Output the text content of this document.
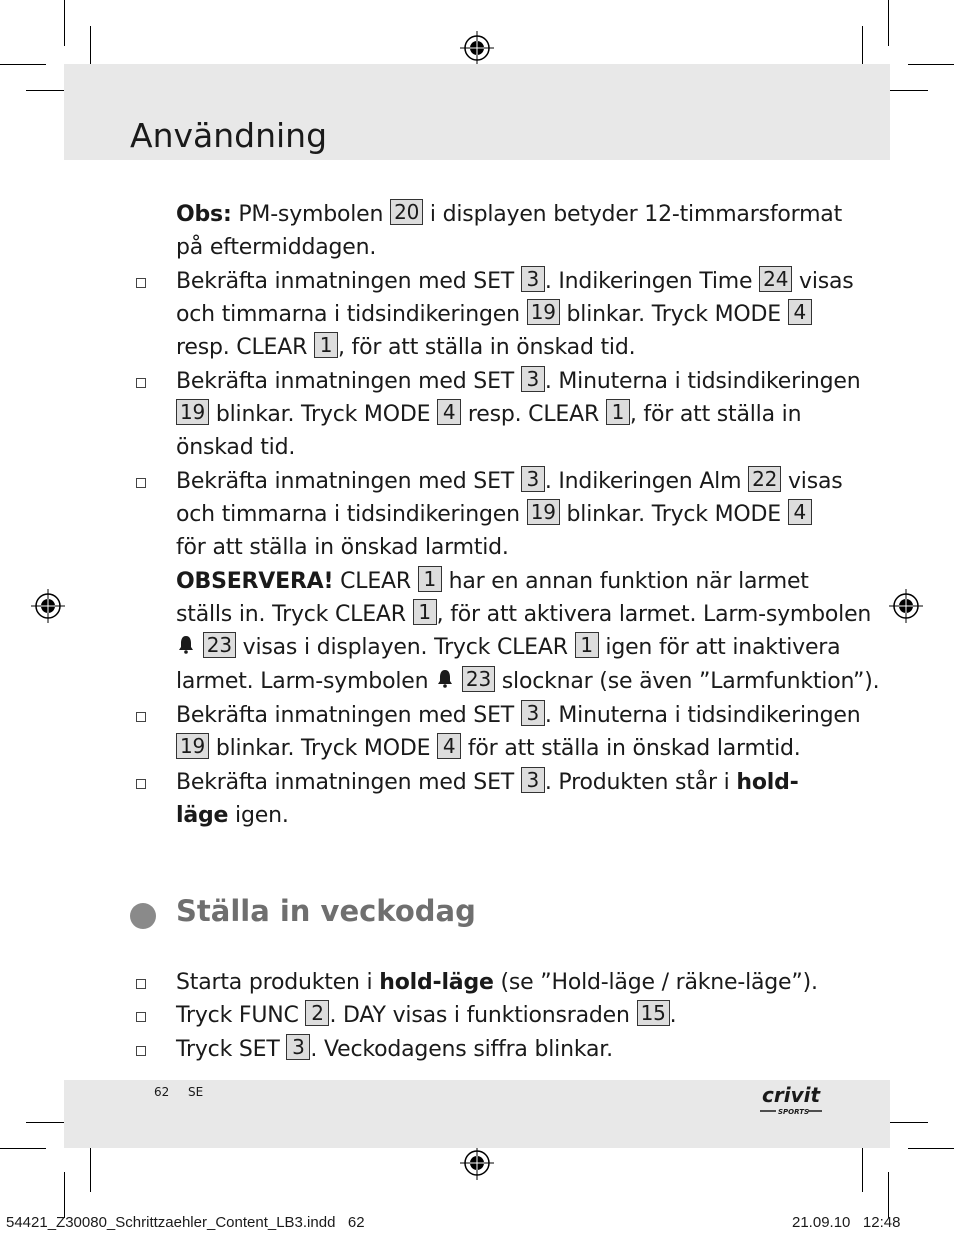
Användning
Obs: PM-symbolen 20 i displayen betyder 12-timmarsformat
på eftermiddagen.
Bekräfta inmatningen med SET 3 . Indikeringen Time 24 visas
och timmarna i tidsindikeringen 19 blinkar. Tryck MODE 4
resp. CLEAR 1 , för att ställa in önskad tid.
Bekräfta inmatningen med SET 3 . Minuterna i tidsindikeringen
19 blinkar. Tryck MODE 4 resp. CLEAR 1 , för att ställa in
önskad tid.
Bekräfta inmatningen med SET 3 . Indikeringen Alm 22 visas
och timmarna i tidsindikeringen 19 blinkar. Tryck MODE 4
för att ställa in önskad larmtid.
OBSERVERA! CLEAR 1 har en annan funktion när larmet
ställs in. Tryck CLEAR 1 , för att aktivera larmet. Larm-symbolen
23 visas i displayen. Tryck CLEAR 1 igen för att inaktivera
larmet. Larm-symbolen  23 slocknar (se även ”Larmfunktion”).
Bekräfta inmatningen med SET 3 . Minuterna i tidsindikeringen
19 blinkar. Tryck MODE 4 för att ställa in önskad larmtid.
Bekräfta inmatningen med SET 3 . Produkten står i hold-
läge igen.
Ställa in veckodag
Starta produkten i hold-läge (se ”Hold-läge / räkne-läge”).
Tryck FUNC 2 . DAY visas i funktionsraden 15 .
Tryck SET 3 . Veckodagens siffra blinkar.
62 SE	crivit
SPORTS
54421_Z30080_Schrittzaehler_Content_LB3.indd   62	21.09.10   12:48
